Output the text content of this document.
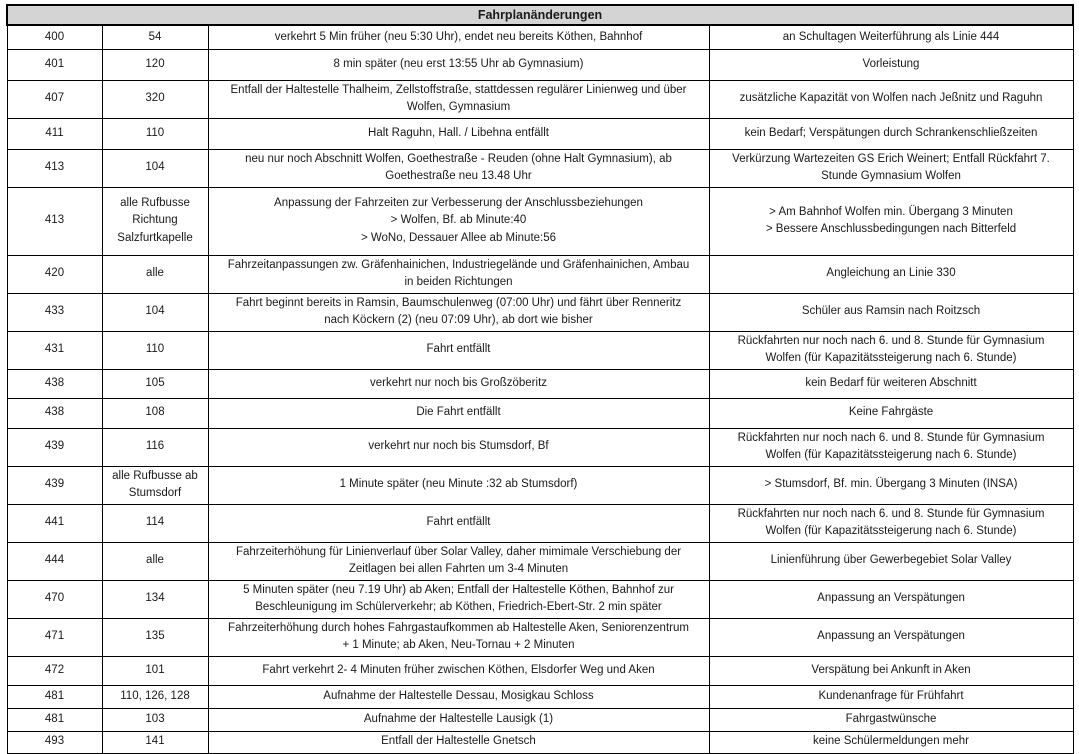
Fahrplanänderungen			

400	54	verkehrt 5 Min früher (neu 5:30 Uhr), endet neu bereits Köthen, Bahnhof	an Schultagen Weiterführung als Linie 444

401	120	8 min später (neu erst 13:55 Uhr ab Gymnasium)	Vorleistung

407	320	Entfall der Haltestelle Thalheim, Zellstoffstraße, stattdessen regulärer Linienweg und über
Wolfen, Gymnasium	zusätzliche Kapazität von Wolfen nach Jeßnitz und Raguhn

411	110	Halt Raguhn, Hall. / Libehna entfällt	kein Bedarf; Verspätungen durch Schrankenschließzeiten

413	104	neu nur noch Abschnitt Wolfen, Goethestraße - Reuden (ohne Halt Gymnasium), ab
Goethestraße neu 13.48 Uhr	Verkürzung Wartezeiten GS Erich Weinert; Entfall Rückfahrt 7.
Stunde Gymnasium Wolfen

413	alle Rufbusse
Richtung
Salzfurtkapelle	Anpassung der Fahrzeiten zur Verbesserung der Anschlussbeziehungen
> Wolfen, Bf. ab Minute:40
> WoNo, Dessauer Allee ab Minute:56	> Am Bahnhof Wolfen min. Übergang 3 Minuten
> Bessere Anschlussbedingungen nach Bitterfeld

420	alle	Fahrzeitanpassungen zw. Gräfenhainichen, Industriegelände und Gräfenhainichen, Ambau
in beiden Richtungen	Angleichung an Linie 330

433	104	Fahrt beginnt bereits in Ramsin, Baumschulenweg (07:00 Uhr) und fährt über Renneritz
nach Köckern (2) (neu 07:09 Uhr), ab dort wie bisher	Schüler aus Ramsin nach Roitzsch

431	110	Fahrt entfällt	Rückfahrten nur noch nach 6. und 8. Stunde für Gymnasium
Wolfen (für Kapazitätssteigerung nach 6. Stunde)

438	105	verkehrt nur noch bis Großzöberitz	kein Bedarf für weiteren Abschnitt

438	108	Die Fahrt entfällt	Keine Fahrgäste

439	116	verkehrt nur noch bis Stumsdorf, Bf	Rückfahrten nur noch nach 6. und 8. Stunde für Gymnasium
Wolfen (für Kapazitätssteigerung nach 6. Stunde)

439	alle Rufbusse ab
Stumsdorf	1 Minute später (neu Minute :32 ab Stumsdorf)	> Stumsdorf, Bf. min. Übergang 3 Minuten (INSA)

441	114	Fahrt entfällt	Rückfahrten nur noch nach 6. und 8. Stunde für Gymnasium
Wolfen (für Kapazitätssteigerung nach 6. Stunde)

444	alle	Fahrzeiterhöhung für Linienverlauf über Solar Valley, daher mimimale Verschiebung der
Zeitlagen bei allen Fahrten um 3-4 Minuten	Linienführung über Gewerbegebiet Solar Valley

470	134	5 Minuten später (neu 7.19 Uhr) ab Aken; Entfall der Haltestelle Köthen, Bahnhof zur
Beschleunigung im Schülerverkehr; ab Köthen, Friedrich-Ebert-Str. 2 min später	Anpassung an Verspätungen

471	135	Fahrzeiterhöhung durch hohes Fahrgastaufkommen ab Haltestelle Aken, Seniorenzentrum
+ 1 Minute; ab Aken, Neu-Tornau + 2 Minuten	Anpassung an Verspätungen

472	101	Fahrt verkehrt 2- 4 Minuten früher zwischen Köthen, Elsdorfer Weg und Aken	Verspätung bei Ankunft in Aken

481	110, 126, 128	Aufnahme der Haltestelle Dessau, Mosigkau Schloss	Kundenanfrage für Frühfahrt

481	103	Aufnahme der Haltestelle Lausigk (1)	Fahrgastwünsche

493	141	Entfall der Haltestelle Gnetsch	keine Schülermeldungen mehr
